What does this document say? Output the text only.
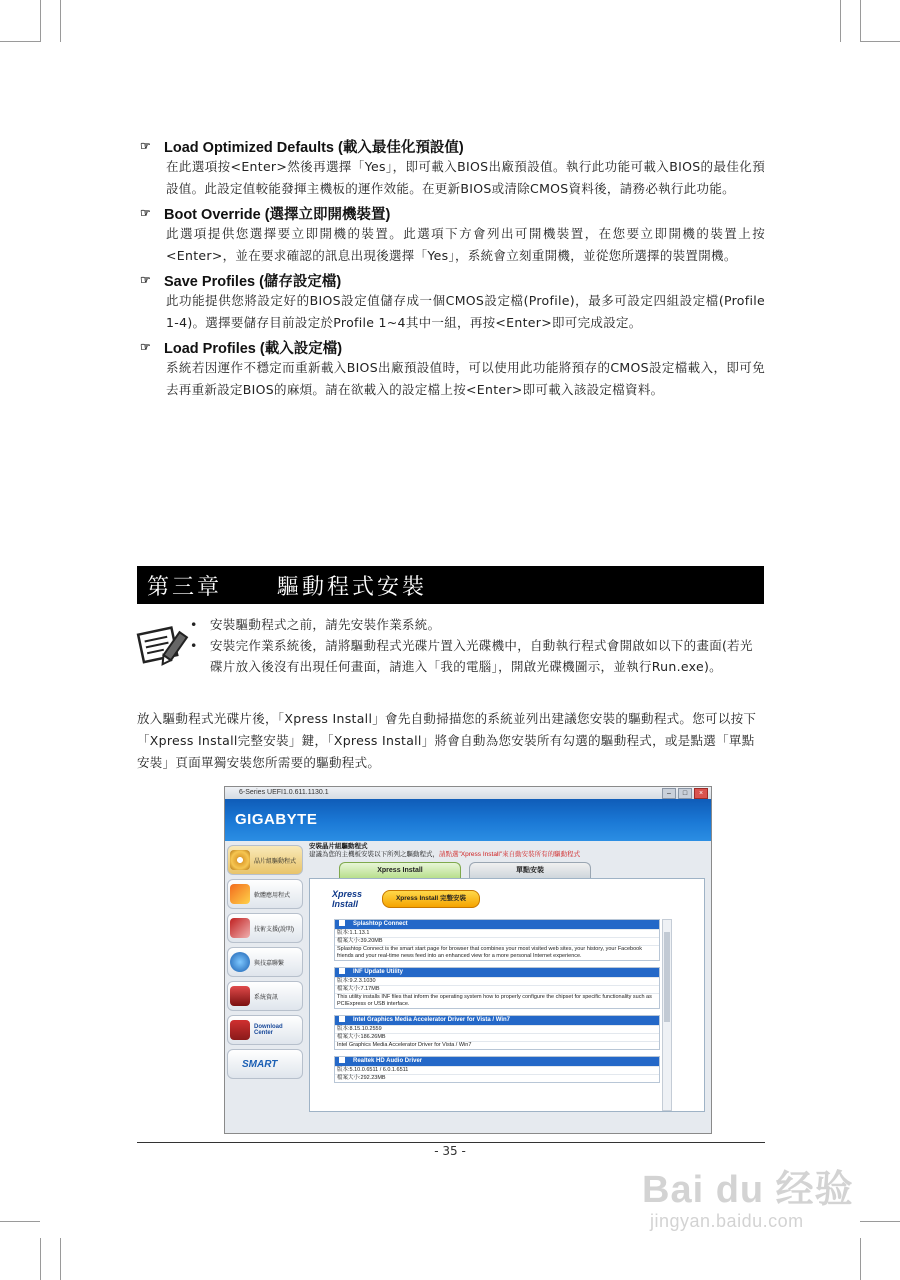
☞ Load Optimized Defaults (載入最佳化預設值)
在此選項按<Enter>然後再選擇「Yes」，即可載入BIOS出廠預設值。執行此功能可載入BIOS的最佳化預設值。此設定值較能發揮主機板的運作效能。在更新BIOS或清除CMOS資料後，請務必執行此功能。
☞ Boot Override (選擇立即開機裝置)
此選項提供您選擇要立即開機的裝置。此選項下方會列出可開機裝置，在您要立即開機的裝置上按<Enter>，並在要求確認的訊息出現後選擇「Yes」，系統會立刻重開機，並從您所選擇的裝置開機。
☞ Save Profiles (儲存設定檔)
此功能提供您將設定好的BIOS設定值儲存成一個CMOS設定檔(Profile)，最多可設定四組設定檔(Profile 1-4)。選擇要儲存目前設定於Profile 1~4其中一組，再按<Enter>即可完成設定。
☞ Load Profiles (載入設定檔)
系統若因運作不穩定而重新載入BIOS出廠預設值時，可以使用此功能將預存的CMOS設定檔載入，即可免去再重新設定BIOS的麻煩。請在欲載入的設定檔上按<Enter>即可載入該設定檔資料。
第三章	驅動程式安裝
• 安裝驅動程式之前，請先安裝作業系統。
• 安裝完作業系統後，請將驅動程式光碟片置入光碟機中，自動執行程式會開啟如以下的畫面(若光碟片放入後沒有出現任何畫面，請進入「我的電腦」，開啟光碟機圖示，並執行Run.exe)。
放入驅動程式光碟片後，「Xpress Install」會先自動掃描您的系統並列出建議您安裝的驅動程式。您可以按下「Xpress Install完整安裝」鍵，「Xpress Install」將會自動為您安裝所有勾選的驅動程式，或是點選「單點安裝」頁面單獨安裝您所需要的驅動程式。
6-Series UEFI1.0.611.1130.1	–	□	×
GIGABYTE
晶片組驅動程式
軟體應用程式
技術支援(說明)
與技嘉聯繫
系統資訊
Download Center
SMART
安裝晶片組驅動程式
建議為您的主機板安裝以下所列之驅動程式，請點選"Xpress Install"來自動安裝所有的驅動程式
Xpress Install	單點安裝
Xpress
Install
Xpress Install 完整安裝
Splashtop Connect
版本:1.1.13.1
檔案大小:39.20MB
Splashtop Connect is the smart start page for browser that combines your most visited web sites, your history, your Facebook friends and your real-time news feed into an enhanced view for a more personal Internet experience.
INF Update Utility
版本:9.2.3.1030
檔案大小:7.17MB
This utility installs INF files that inform the operating system how to properly configure the chipset for specific functionality such as PCIExpress or USB interface.
Intel Graphics Media Accelerator Driver for Vista / Win7
版本:8.15.10.2559
檔案大小:186.26MB
Intel Graphics Media Accelerator Driver for Vista / Win7
Realtek HD Audio Driver
版本:5.10.0.6511 / 6.0.1.6511
檔案大小:292.23MB
- 35 -
Bai du 经验
jingyan.baidu.com
